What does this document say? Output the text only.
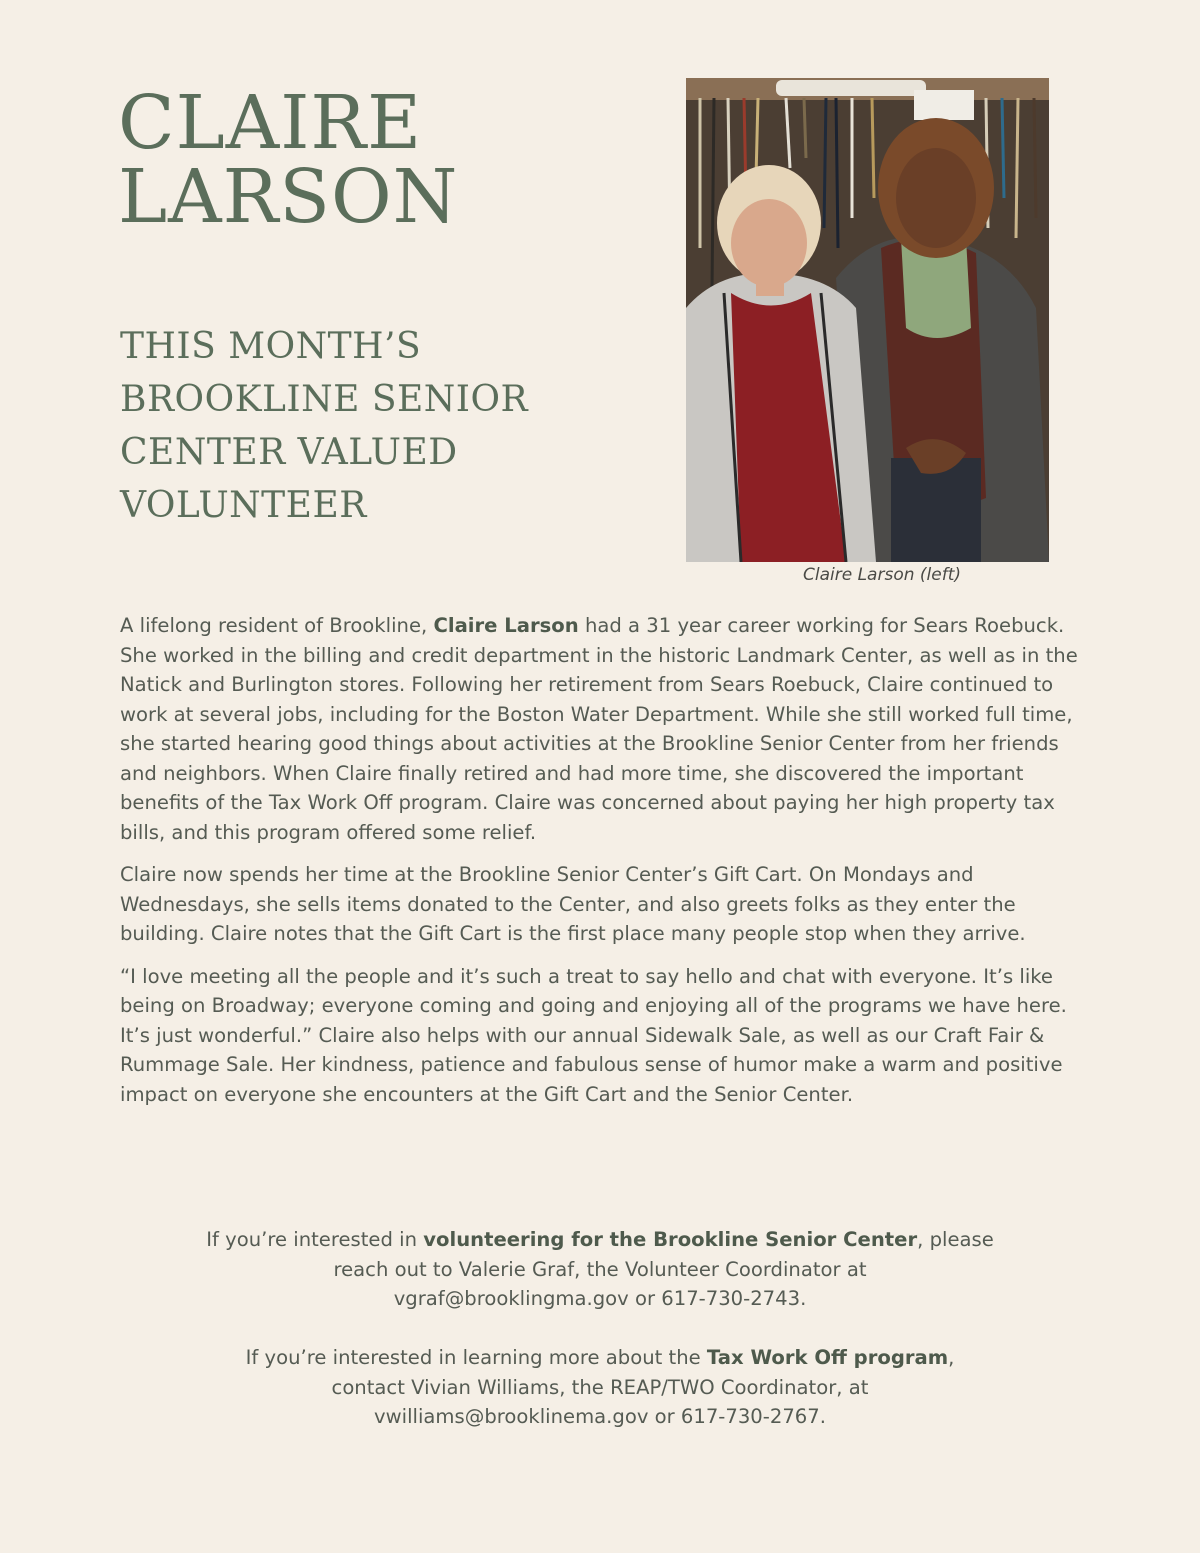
CLAIRE
LARSON
THIS MONTH’S
BROOKLINE SENIOR
CENTER VALUED
VOLUNTEER
Claire Larson (left)

A lifelong resident of Brookline, Claire Larson had a 31 year career working for Sears Roebuck. She worked in the billing and credit department in the historic Landmark Center, as well as in the Natick and Burlington stores. Following her retirement from Sears Roebuck, Claire continued to work at several jobs, including for the Boston Water Department. While she still worked full time, she started hearing good things about activities at the Brookline Senior Center from her friends and neighbors. When Claire finally retired and had more time, she discovered the important benefits of the Tax Work Off program. Claire was concerned about paying her high property tax bills, and this program offered some relief.

Claire now spends her time at the Brookline Senior Center’s Gift Cart. On Mondays and Wednesdays, she sells items donated to the Center, and also greets folks as they enter the building. Claire notes that the Gift Cart is the first place many people stop when they arrive.

“I love meeting all the people and it’s such a treat to say hello and chat with everyone. It’s like being on Broadway; everyone coming and going and enjoying all of the programs we have here. It’s just wonderful.” Claire also helps with our annual Sidewalk Sale, as well as our Craft Fair & Rummage Sale. Her kindness, patience and fabulous sense of humor make a warm and positive impact on everyone she encounters at the Gift Cart and the Senior Center.

If you’re interested in volunteering for the Brookline Senior Center, please
reach out to Valerie Graf, the Volunteer Coordinator at
vgraf@brooklingma.gov or 617-730-2743.
If you’re interested in learning more about the Tax Work Off program,
contact Vivian Williams, the REAP/TWO Coordinator, at
vwilliams@brooklinema.gov or 617-730-2767.
